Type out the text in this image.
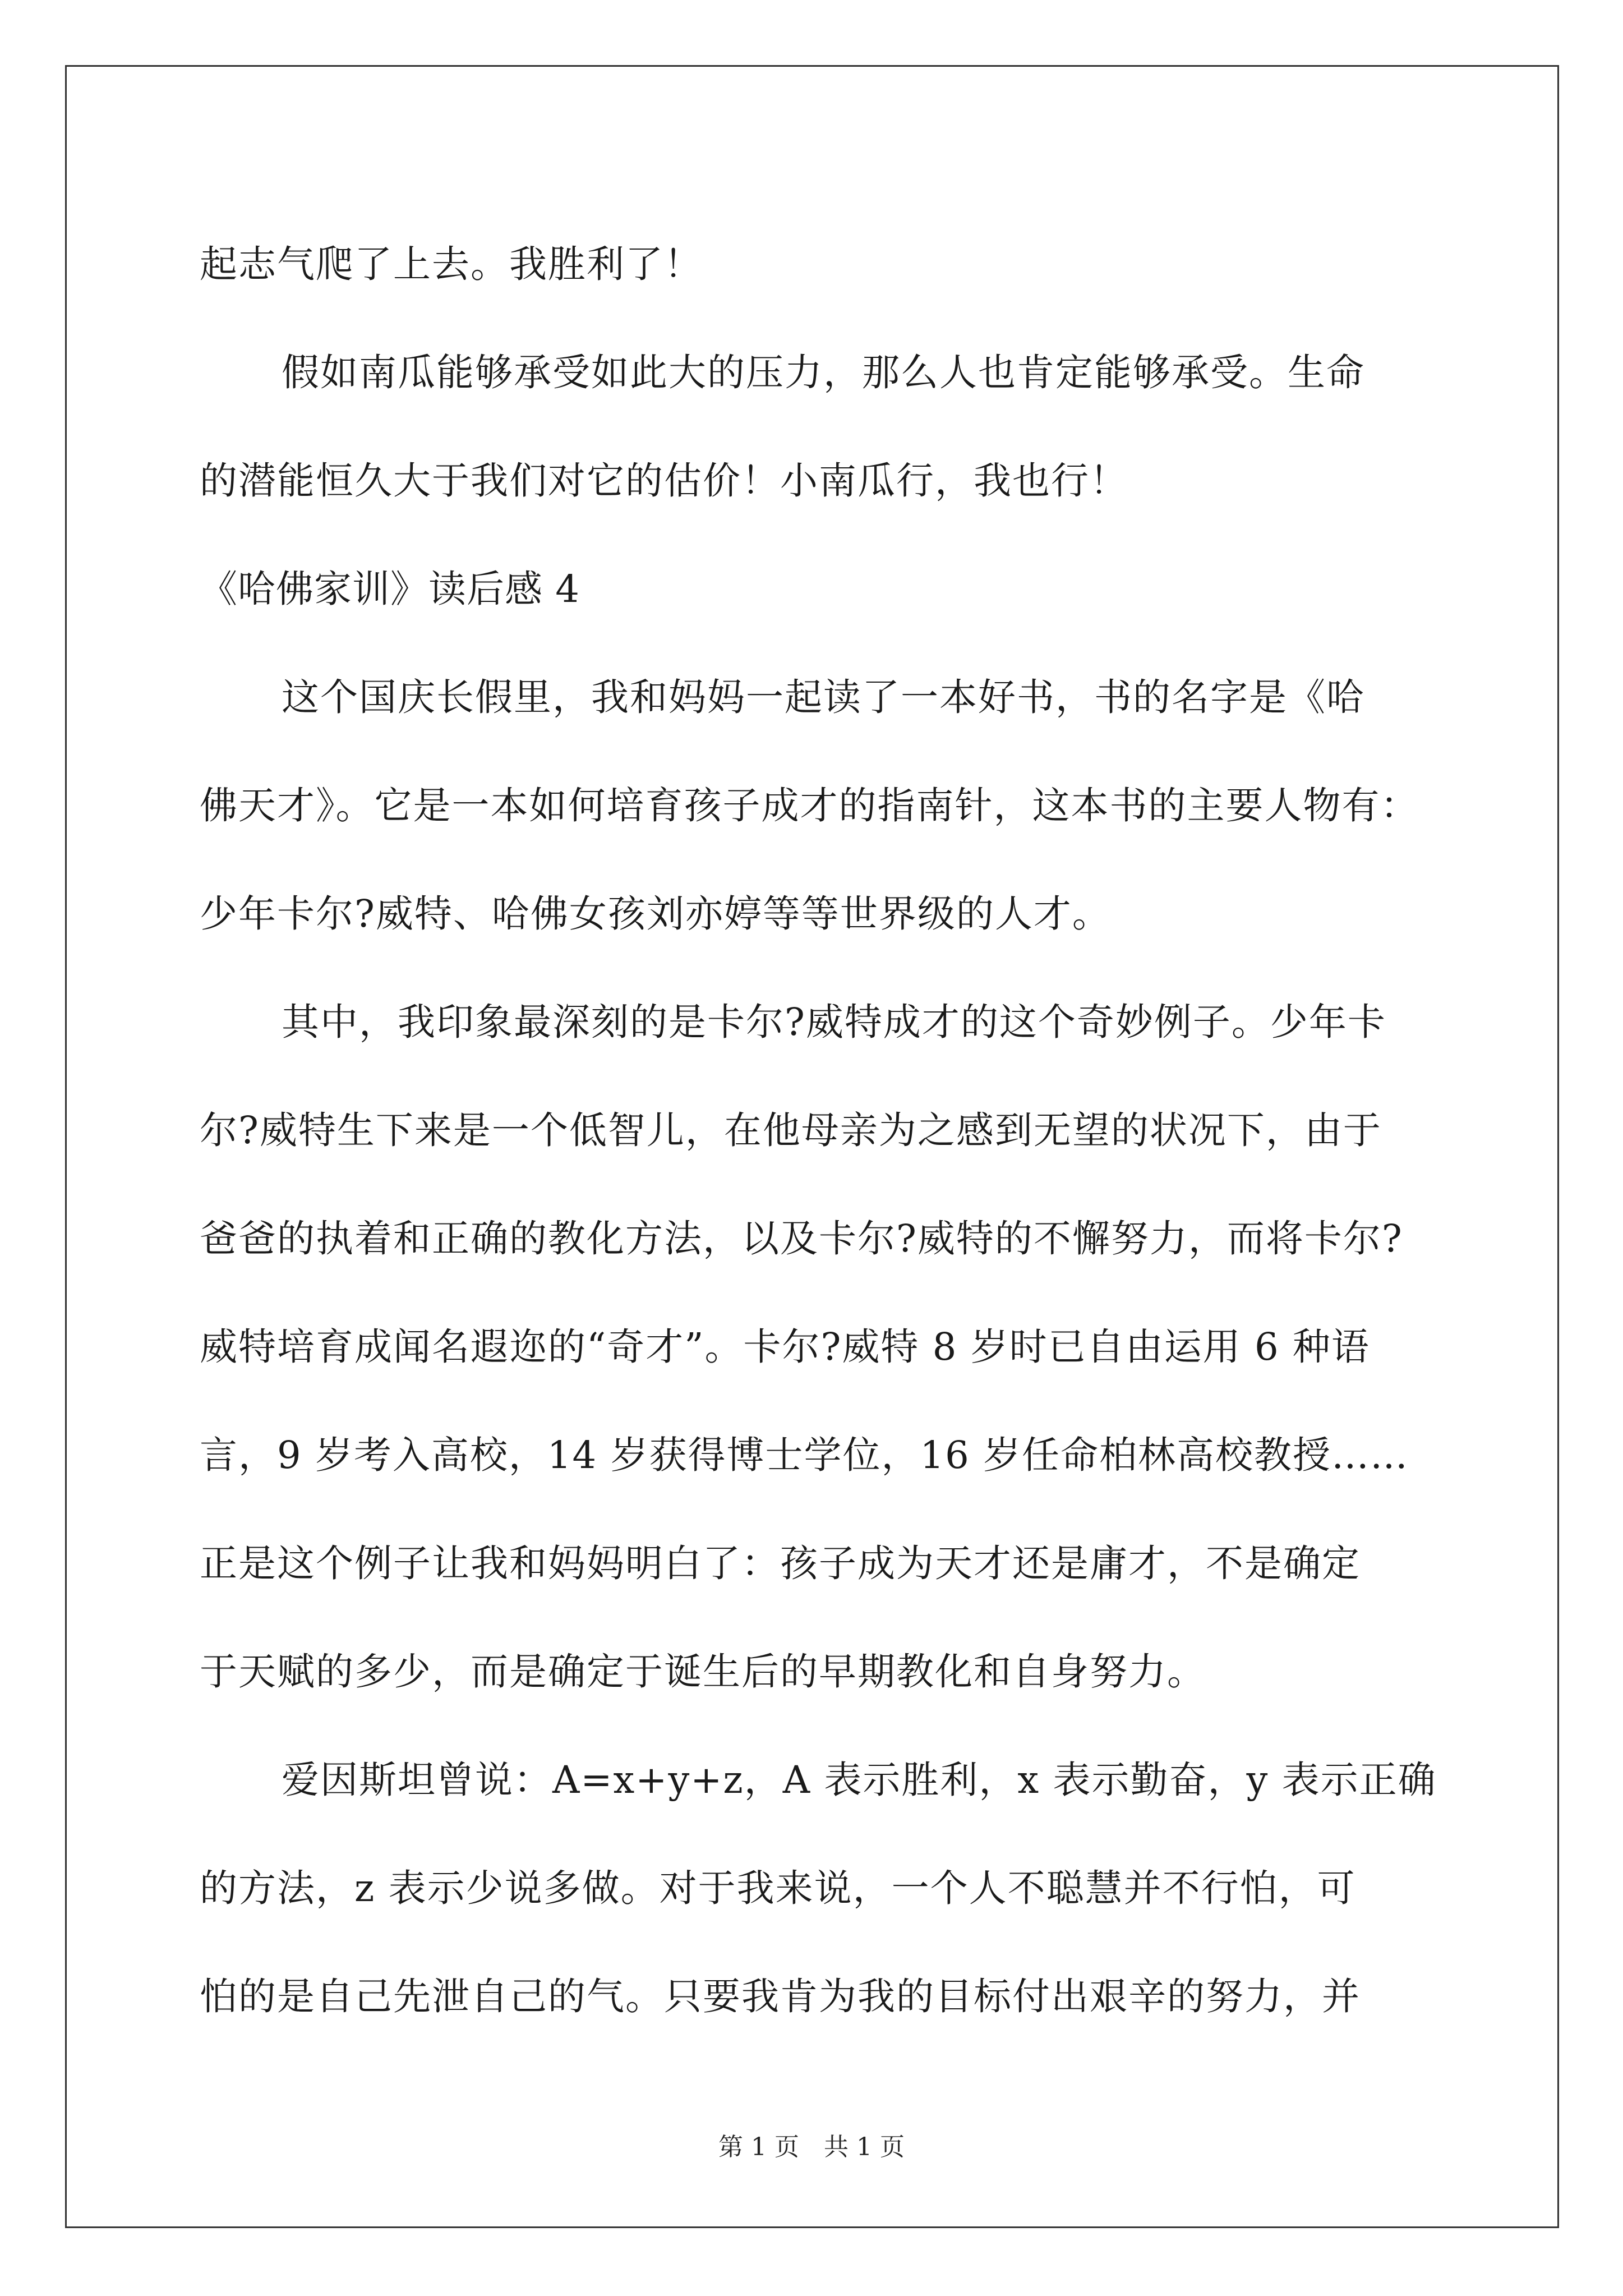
起志气爬了上去。我胜利了！
假如南瓜能够承受如此大的压力，那么人也肯定能够承受。生命
的潜能恒久大于我们对它的估价！小南瓜行，我也行！
《哈佛家训》读后感 4
这个国庆长假里，我和妈妈一起读了一本好书，书的名字是《哈
佛天才》。它是一本如何培育孩子成才的指南针，这本书的主要人物有：
少年卡尔?威特、哈佛女孩刘亦婷等等世界级的人才。
其中，我印象最深刻的是卡尔?威特成才的这个奇妙例子。少年卡
尔?威特生下来是一个低智儿，在他母亲为之感到无望的状况下，由于
爸爸的执着和正确的教化方法，以及卡尔?威特的不懈努力，而将卡尔?
威特培育成闻名遐迩的“奇才”。卡尔?威特 8 岁时已自由运用 6 种语
言，9 岁考入高校，14 岁获得博士学位，16 岁任命柏林高校教授……
正是这个例子让我和妈妈明白了：孩子成为天才还是庸才，不是确定
于天赋的多少，而是确定于诞生后的早期教化和自身努力。
爱因斯坦曾说：A=x+y+z，A 表示胜利，x 表示勤奋，y 表示正确
的方法，z 表示少说多做。对于我来说，一个人不聪慧并不行怕，可
怕的是自己先泄自己的气。只要我肯为我的目标付出艰辛的努力，并
第 1 页　共 1 页
